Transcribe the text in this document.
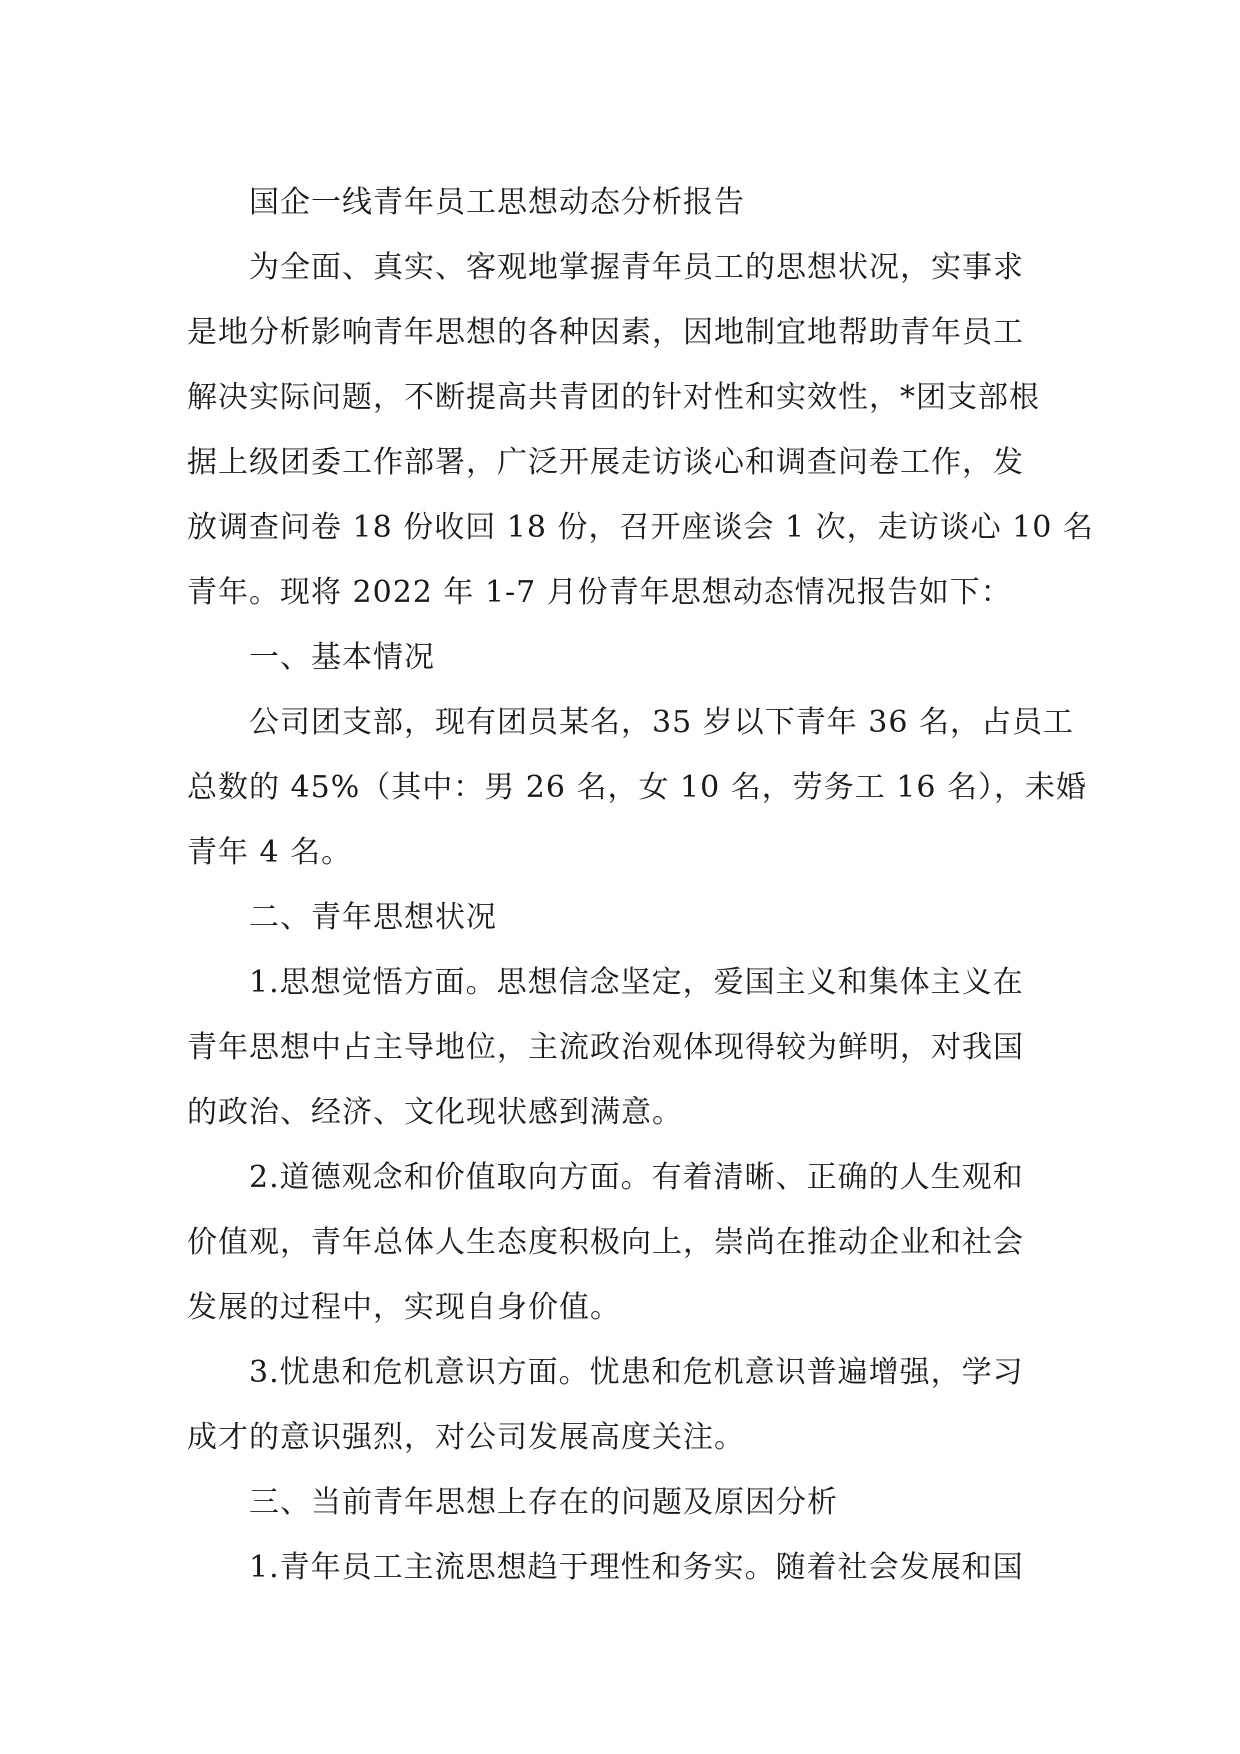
国企一线青年员工思想动态分析报告
为全面、真实、客观地掌握青年员工的思想状况，实事求
是地分析影响青年思想的各种因素，因地制宜地帮助青年员工
解决实际问题，不断提高共青团的针对性和实效性，*团支部根
据上级团委工作部署，广泛开展走访谈心和调查问卷工作，发
放调查问卷 18 份收回 18 份，召开座谈会 1 次，走访谈心 10 名
青年。现将 2022 年 1-7 月份青年思想动态情况报告如下：
一、基本情况
公司团支部，现有团员某名，35 岁以下青年 36 名，占员工
总数的 45%（其中：男 26 名，女 10 名，劳务工 16 名），未婚
青年 4 名。
二、青年思想状况
1.思想觉悟方面。思想信念坚定，爱国主义和集体主义在
青年思想中占主导地位，主流政治观体现得较为鲜明，对我国
的政治、经济、文化现状感到满意。
2.道德观念和价值取向方面。有着清晰、正确的人生观和
价值观，青年总体人生态度积极向上，崇尚在推动企业和社会
发展的过程中，实现自身价值。
3.忧患和危机意识方面。忧患和危机意识普遍增强，学习
成才的意识强烈，对公司发展高度关注。
三、当前青年思想上存在的问题及原因分析
1.青年员工主流思想趋于理性和务实。随着社会发展和国
